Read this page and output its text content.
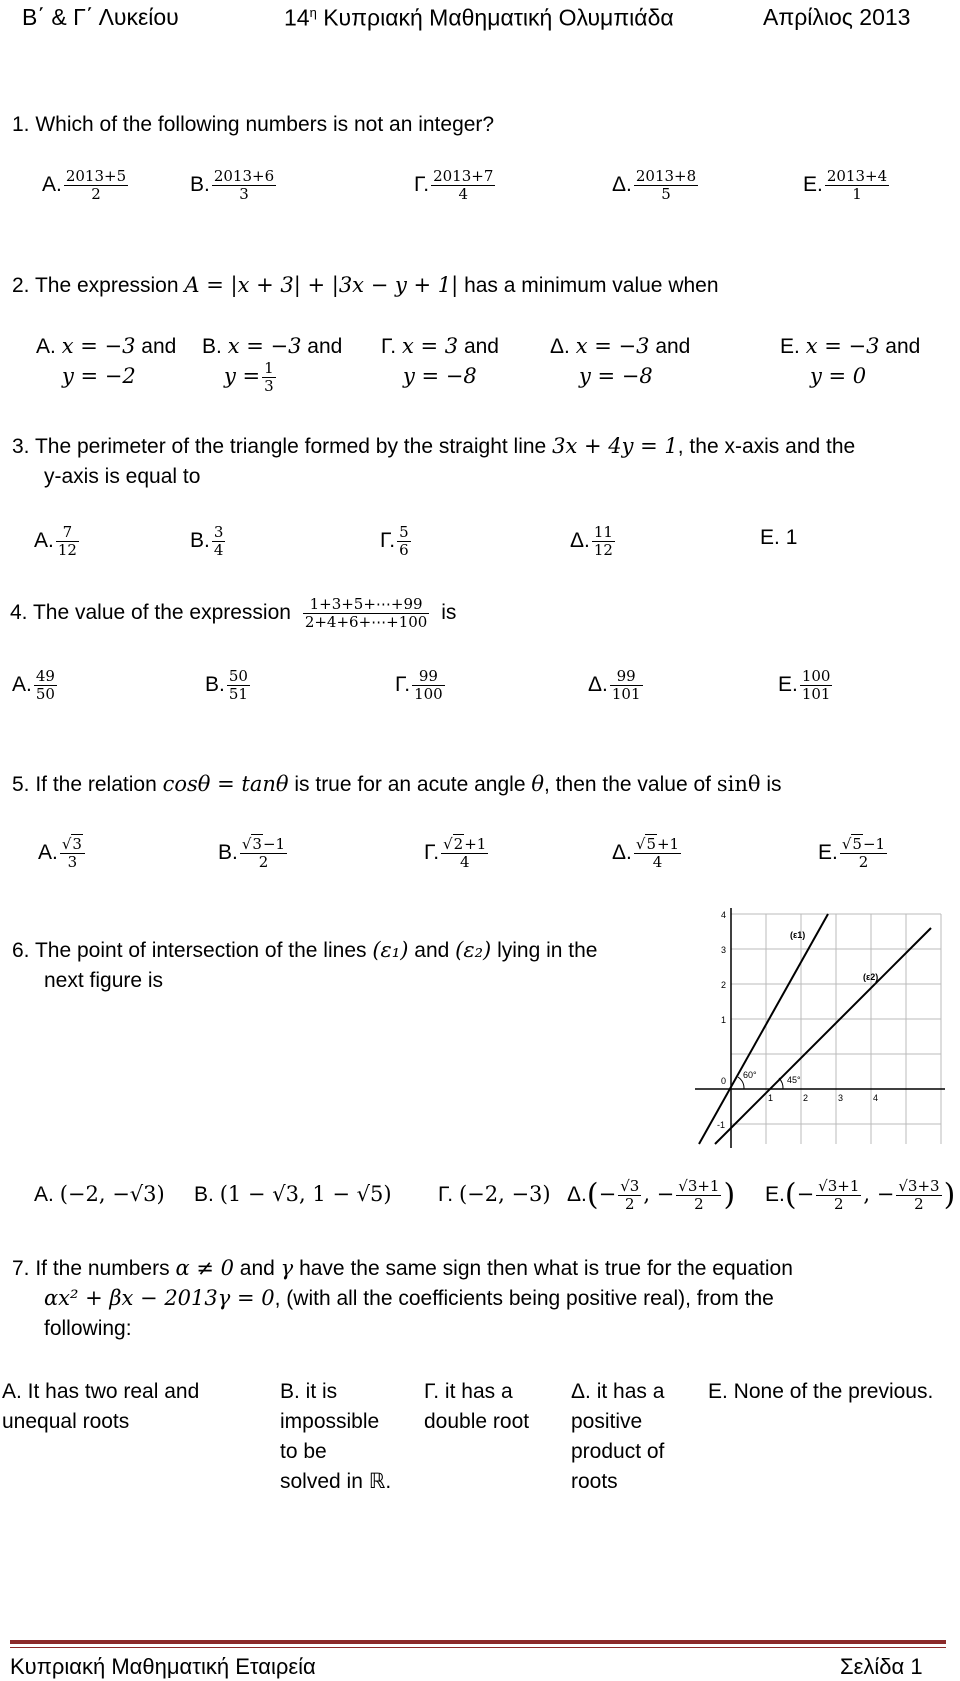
Β΄ & Γ΄ Λυκείου	$14^\eta$ Κυπριακή Μαθηματική Ολυμπιάδα	Απρίλιος 2013
1. Which of the following numbers is not an integer?
Α. $\frac{2013+5}{2}$	Β. $\frac{2013+6}{3}$	Γ. $\frac{2013+7}{4}$	Δ. $\frac{2013+8}{5}$	Ε. $\frac{2013+4}{1}$
2. The expression A = |x + 3| + |3x − y + 1| has a minimum value when
Α. x = −3 and
y = −2
Β. x = −3 and
$y = \frac{1}{3}$
Γ. x = 3 and
y = −8
Δ. x = −3 and
y = −8
Ε. x = −3 and
y = 0
3. The perimeter of the triangle formed by the straight line 3x + 4y = 1, the x-axis and the
y-axis is equal to
Α. $\frac{7}{12}$	Β. $\frac{3}{4}$	Γ. $\frac{5}{6}$	Δ. $\frac{11}{12}$	Ε. 1
4. The value of the expression $\frac{1+3+5+\cdots+99}{2+4+6+\cdots+100}$ is
Α. $\frac{49}{50}$	Β. $\frac{50}{51}$	Γ. $\frac{99}{100}$	Δ. $\frac{99}{101}$	Ε. $\frac{100}{101}$
5. If the relation cosθ = tanθ is true for an acute angle θ, then the value of sinθ is
Α. $\frac{√3}{3}$	Β. $\frac{√3-1}{2}$	Γ. $\frac{√2+1}{4}$	Δ. $\frac{√5+1}{4}$	Ε. $\frac{√5-1}{2}$
6. The point of intersection of the lines (ε₁) and (ε₂) lying in the
next figure is
4
3
2
1
0
-1
1	2	3	4
(ε1)
(ε2)
60°	45°
Α. (−2, −√3) Β. (1 − √3, 1 − √5) Γ. (−2, −3) $\Delta.(- \frac{√3}{2}$ , − $\frac{√3+1}{2}$ ) $E.(- \frac{√3+1}{2}$ , − $\frac{√3+3}{2}$ )
7. If the numbers α ≠ 0 and γ have the same sign then what is true for the equation
αx² + βx − 2013γ = 0, (with all the coefficients being positive real), from the
following:
Α. It has two real and
unequal roots
Β. it is
impossible
to be
solved in ℝ.
Γ. it has a
double root
Δ. it has a
positive
product of
roots
Ε. None of the previous.
Κυπριακή Μαθηματική Εταιρεία	Σελίδα 1
